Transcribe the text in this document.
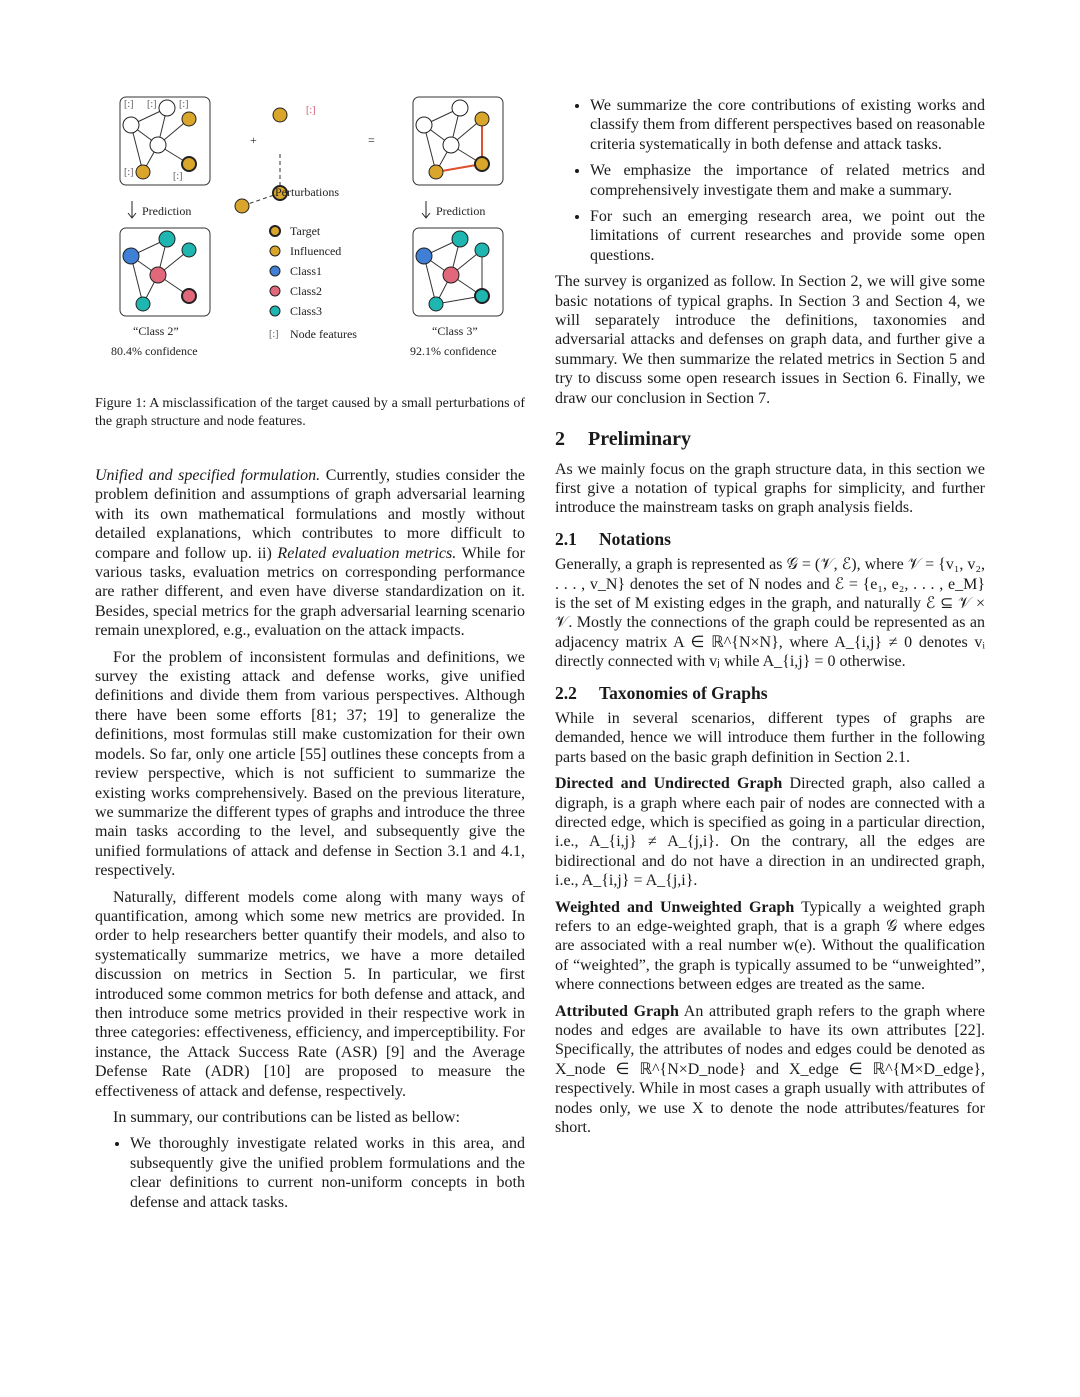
[:] [:] [:]
[:]	[:]
[:]
[:]
+	=
Perturbations
Prediction	Prediction
Target
Influenced
Class1
Class2
Class3
Node features
“Class 2”
80.4% confidence
“Class 3”
92.1% confidence
Figure 1: A misclassification of the target caused by a small perturbations of the graph structure and node features.

Unified and specified formulation. Currently, studies consider the problem definition and assumptions of graph adversarial learning with its own mathematical formulations and mostly without detailed explanations, which contributes to more difficult to compare and follow up. ii) Related evaluation metrics. While for various tasks, evaluation metrics on corresponding performance are rather different, and even have diverse standardization on it. Besides, special metrics for the graph adversarial learning scenario remain unexplored, e.g., evaluation on the attack impacts.

For the problem of inconsistent formulas and definitions, we survey the existing attack and defense works, give unified definitions and divide them from various perspectives. Although there have been some efforts [81; 37; 19] to generalize the definitions, most formulas still make customization for their own models. So far, only one article [55] outlines these concepts from a review perspective, which is not sufficient to summarize the existing works comprehensively. Based on the previous literature, we summarize the different types of graphs and introduce the three main tasks according to the level, and subsequently give the unified formulations of attack and defense in Section 3.1 and 4.1, respectively.

Naturally, different models come along with many ways of quantification, among which some new metrics are provided. In order to help researchers better quantify their models, and also to systematically summarize metrics, we have a more detailed discussion on metrics in Section 5. In particular, we first introduced some common metrics for both defense and attack, and then introduce some metrics provided in their respective work in three categories: effectiveness, efficiency, and imperceptibility. For instance, the Attack Success Rate (ASR) [9] and the Average Defense Rate (ADR) [10] are proposed to measure the effectiveness of attack and defense, respectively.

In summary, our contributions can be listed as bellow:

• We thoroughly investigate related works in this area, and subsequently give the unified problem formulations and the clear definitions to current non-uniform concepts in both defense and attack tasks.
• We summarize the core contributions of existing works and classify them from different perspectives based on reasonable criteria systematically in both defense and attack tasks.
• We emphasize the importance of related metrics and comprehensively investigate them and make a summary.
• For such an emerging research area, we point out the limitations of current researches and provide some open questions.

The survey is organized as follow. In Section 2, we will give some basic notations of typical graphs. In Section 3 and Section 4, we will separately introduce the definitions, taxonomies and adversarial attacks and defenses on graph data, and further give a summary. We then summarize the related metrics in Section 5 and try to discuss some open research issues in Section 6. Finally, we draw our conclusion in Section 7.

2 Preliminary

As we mainly focus on the graph structure data, in this section we first give a notation of typical graphs for simplicity, and further introduce the mainstream tasks on graph analysis fields.

2.1 Notations

Generally, a graph is represented as 𝒢 = (𝒱, ℰ), where 𝒱 = {v₁, v₂, . . . , v_N} denotes the set of N nodes and ℰ = {e₁, e₂, . . . , e_M} is the set of M existing edges in the graph, and naturally ℰ ⊆ 𝒱 × 𝒱. Mostly the connections of the graph could be represented as an adjacency matrix A ∈ ℝ^{N×N}, where A_{i,j} ≠ 0 denotes vᵢ directly connected with vⱼ while A_{i,j} = 0 otherwise.

2.2 Taxonomies of Graphs

While in several scenarios, different types of graphs are demanded, hence we will introduce them further in the following parts based on the basic graph definition in Section 2.1.

Directed and Undirected Graph Directed graph, also called a digraph, is a graph where each pair of nodes are connected with a directed edge, which is specified as going in a particular direction, i.e., A_{i,j} ≠ A_{j,i}. On the contrary, all the edges are bidirectional and do not have a direction in an undirected graph, i.e., A_{i,j} = A_{j,i}.

Weighted and Unweighted Graph Typically a weighted graph refers to an edge-weighted graph, that is a graph 𝒢 where edges are associated with a real number w(e). Without the qualification of “weighted”, the graph is typically assumed to be “unweighted”, where connections between edges are treated as the same.

Attributed Graph An attributed graph refers to the graph where nodes and edges are available to have its own attributes [22]. Specifically, the attributes of nodes and edges could be denoted as X_node ∈ ℝ^{N×D_node} and X_edge ∈ ℝ^{M×D_edge}, respectively. While in most cases a graph usually with attributes of nodes only, we use X to denote the node attributes/features for short.
